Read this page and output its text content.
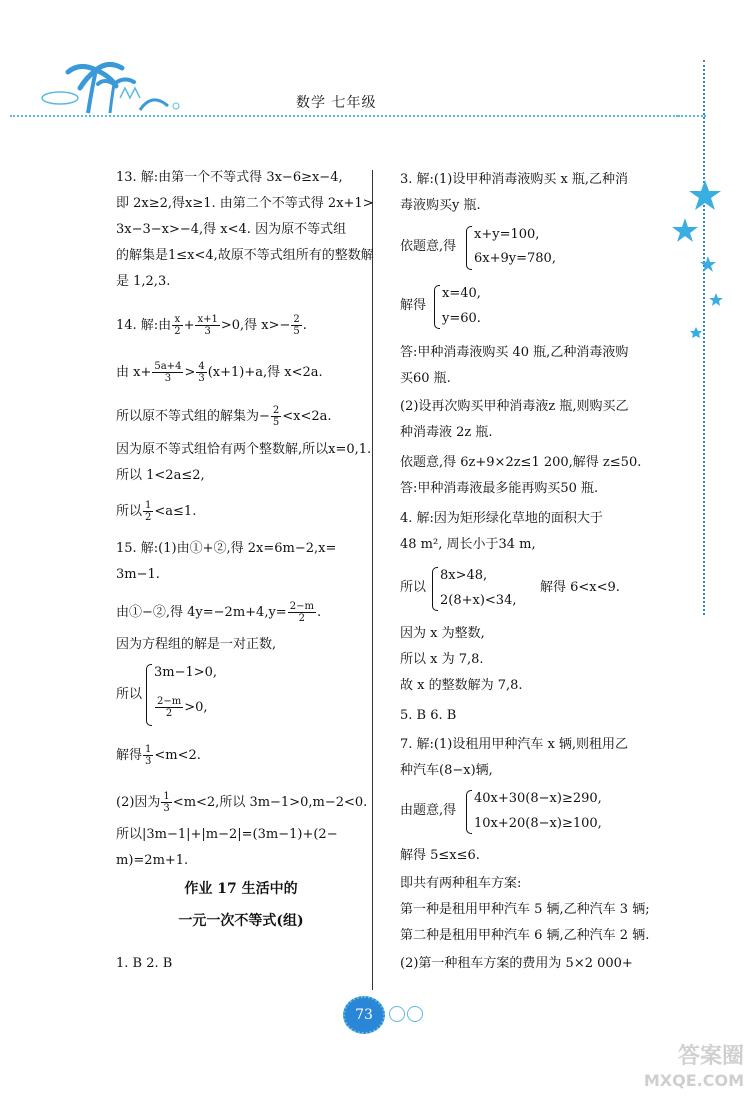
数学 七年级
13. 解:由第一个不等式得 3x−6≥x−4,
即 2x≥2,得x≥1. 由第二个不等式得 2x+1>
3x−3−x>−4,得 x<4. 因为原不等式组
的解集是1≤x<4,故原不等式组所有的整数解
是 1,2,3.
14. 解:由 $\frac{x}{2} + \frac{x+1}{3} >0$,得 $x>- \frac{2}{5}$ .
由 $x+ \frac{5a+4}{3} > \frac{4}{3} (x+1)+a$,得 x<2a.
所以原不等式组的解集为− $\frac{2}{5} <x<2a$.
因为原不等式组恰有两个整数解,所以x=0,1.
所以 1<2a≤2,
所以 $\frac{1}{2} <a\le 1$.
15. 解:(1)由①+②,得 2x=6m−2,x=
3m−1.
由①−②,得 $4y=-2m+4,y= \frac{2-m}{2}$ .
因为方程组的解是一对正数,
所以
3m−1>0,
$\frac{2-m}{2} >0$,
解得 $\frac{1}{3} <m<2$.
(2)因为 $\frac{1}{3} <m<2$,所以 3m−1>0,m−2<0.
所以|3m−1|+|m−2|=(3m−1)+(2−
m)=2m+1.
作业 17 生活中的
一元一次不等式(组)
1. B 2. B
3. 解:(1)设甲种消毒液购买 x 瓶,乙种消
毒液购买y 瓶.
依题意,得
x+y=100,
6x+9y=780,
解得
x=40,
y=60.
答:甲种消毒液购买 40 瓶,乙种消毒液购
买60 瓶.
(2)设再次购买甲种消毒液z 瓶,则购买乙
种消毒液 2z 瓶.
依题意,得 6z+9×2z≤1 200,解得 z≤50.
答:甲种消毒液最多能再购买50 瓶.
4. 解:因为矩形绿化草地的面积大于
48 m², 周长小于34 m,
所以
8x>48,
2(8+x)<34,
解得 6<x<9.
因为 x 为整数,
所以 x 为 7,8.
故 x 的整数解为 7,8.
5. B 6. B
7. 解:(1)设租用甲种汽车 x 辆,则租用乙
种汽车(8−x)辆,
由题意,得
40x+30(8−x)≥290,
10x+20(8−x)≥100,
解得 5≤x≤6.
即共有两种租车方案:
第一种是租用甲种汽车 5 辆,乙种汽车 3 辆;
第二种是租用甲种汽车 6 辆,乙种汽车 2 辆.
(2)第一种租车方案的费用为 5×2 000+
73
答案圈
MXQE.COM
